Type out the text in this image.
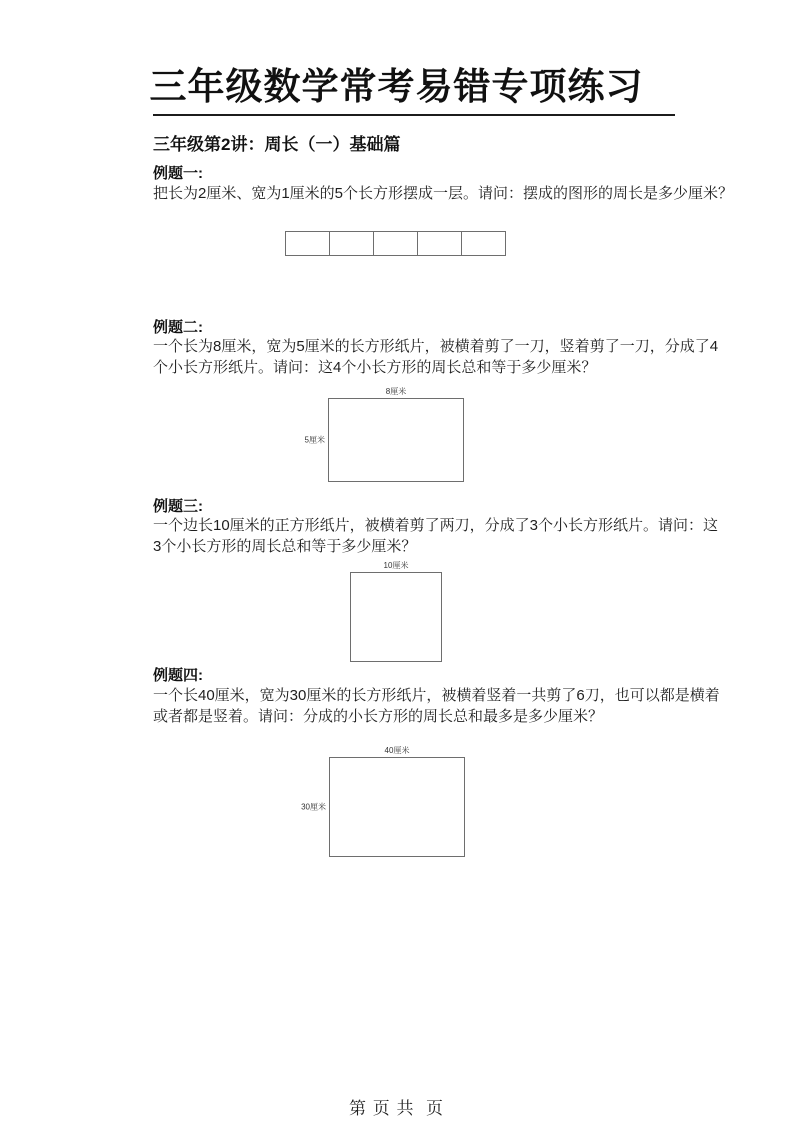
三年级数学常考易错专项练习
三年级第2讲：周长（一）基础篇
例题一:
把长为2厘米、宽为1厘米的5个长方形摆成一层。请问：摆成的图形的周长是多少厘米？
例题二:
一个长为8厘米，宽为5厘米的长方形纸片，被横着剪了一刀，竖着剪了一刀，分成了4
个小长方形纸片。请问：这4个小长方形的周长总和等于多少厘米？
8厘米
5厘米
例题三:
一个边长10厘米的正方形纸片，被横着剪了两刀，分成了3个小长方形纸片。请问：这
3个小长方形的周长总和等于多少厘米？
10厘米
例题四:
一个长40厘米，宽为30厘米的长方形纸片，被横着竖着一共剪了6刀，也可以都是横着
或者都是竖着。请问：分成的小长方形的周长总和最多是多少厘米？
40厘米
30厘米
第 页 共  页
